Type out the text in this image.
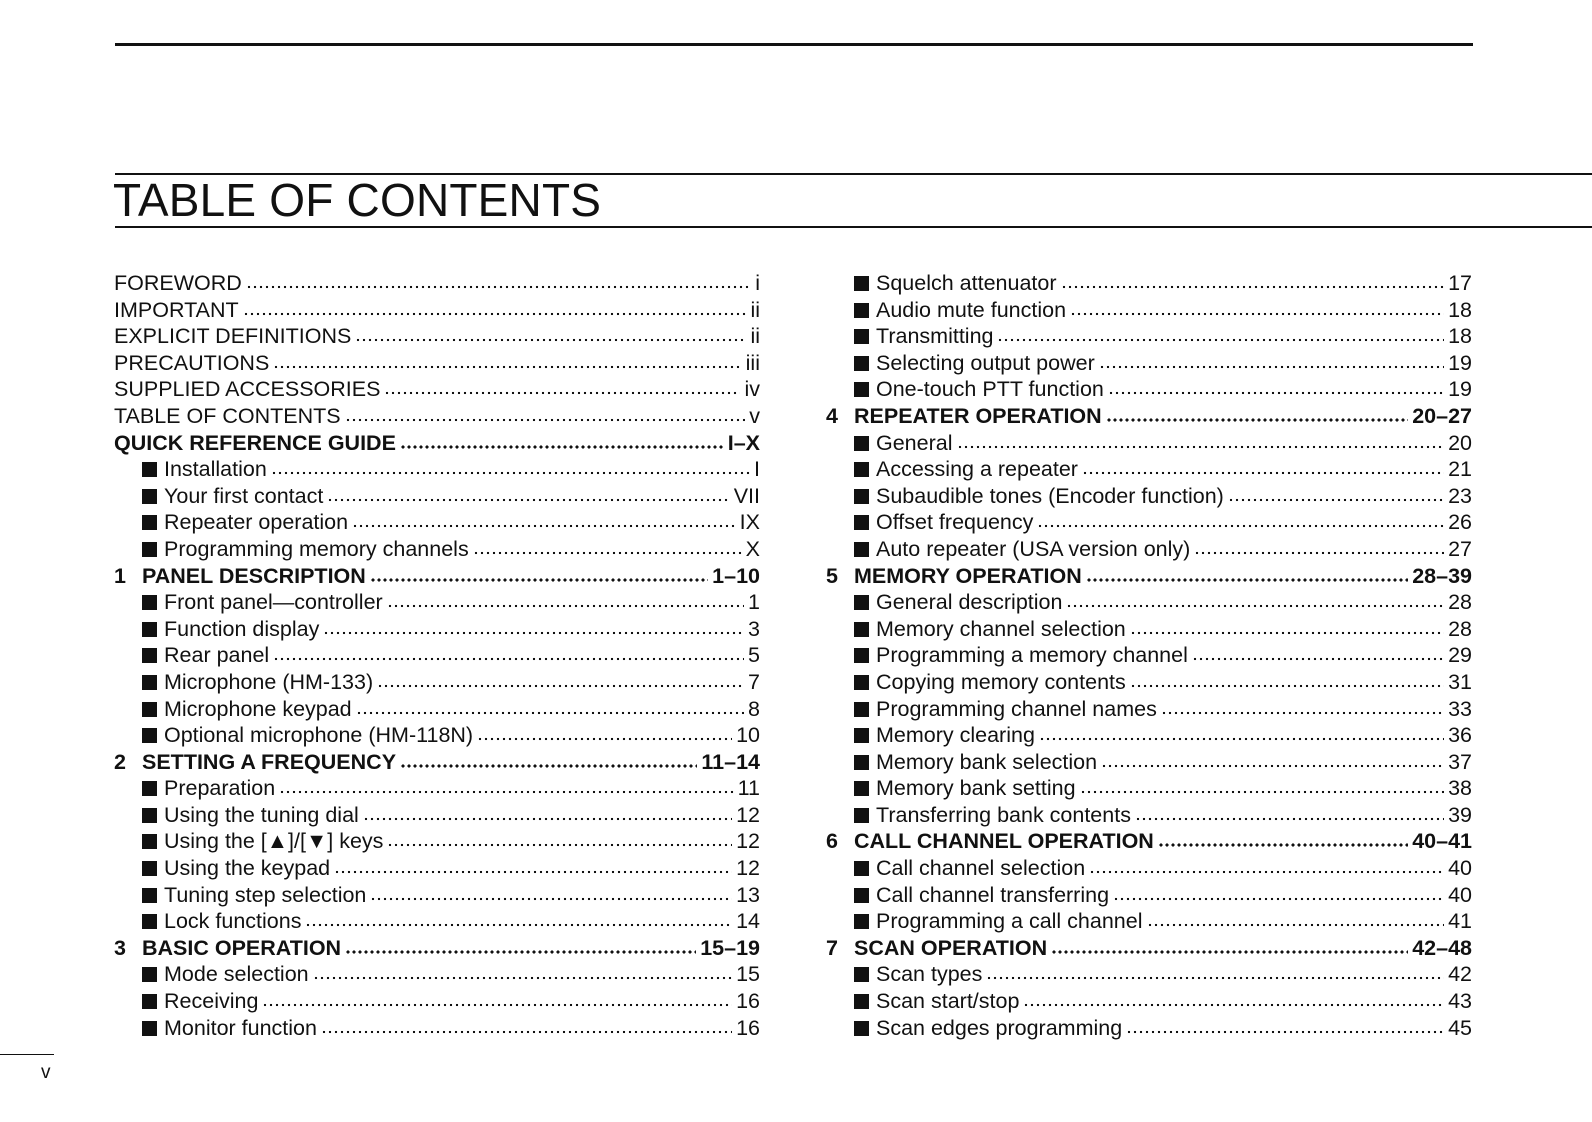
TABLE OF CONTENTS
FOREWORD	i
IMPORTANT	ii
EXPLICIT DEFINITIONS	ii
PRECAUTIONS	iii
SUPPLIED ACCESSORIES	iv
TABLE OF CONTENTS	v
QUICK REFERENCE GUIDE	I–X
Installation	I
Your first contact	VII
Repeater operation	IX
Programming memory channels	X
1 PANEL DESCRIPTION	1–10
Front panel—controller	1
Function display	3
Rear panel	5
Microphone (HM-133)	7
Microphone keypad	8
Optional microphone (HM-118N)	10
2 SETTING A FREQUENCY	11–14
Preparation	11
Using the tuning dial	12
Using the [▲]/[▼] keys	12
Using the keypad	12
Tuning step selection	13
Lock functions	14
3 BASIC OPERATION	15–19
Mode selection	15
Receiving	16
Monitor function	16
Squelch attenuator	17
Audio mute function	18
Transmitting	18
Selecting output power	19
One-touch PTT function	19
4 REPEATER OPERATION	20–27
General	20
Accessing a repeater	21
Subaudible tones (Encoder function)	23
Offset frequency	26
Auto repeater (USA version only)	27
5 MEMORY OPERATION	28–39
General description	28
Memory channel selection	28
Programming a memory channel	29
Copying memory contents	31
Programming channel names	33
Memory clearing	36
Memory bank selection	37
Memory bank setting	38
Transferring bank contents	39
6 CALL CHANNEL OPERATION	40–41
Call channel selection	40
Call channel transferring	40
Programming a call channel	41
7 SCAN OPERATION	42–48
Scan types	42
Scan start/stop	43
Scan edges programming	45
v
